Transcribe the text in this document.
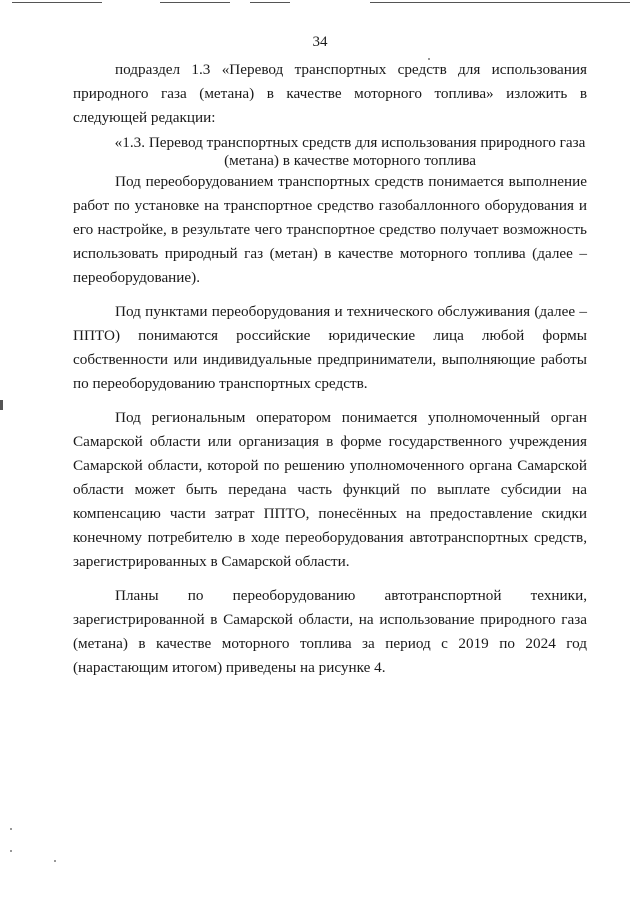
34

подраздел 1.3 «Перевод транспортных средств для использования природного газа (метана) в качестве моторного топлива» изложить в следующей редакции:

«1.3. Перевод транспортных средств для использования природного газа
(метана) в качестве моторного топлива

Под переоборудованием транспортных средств понимается выполнение работ по установке на транспортное средство газобаллонного оборудования и его настройке, в результате чего транспортное средство получает возможность использовать природный газ (метан) в качестве моторного топлива (далее – переоборудование).

Под пунктами переоборудования и технического обслуживания (далее – ППТО) понимаются российские юридические лица любой формы собственности или индивидуальные предприниматели, выполняющие работы по переоборудованию транспортных средств.

Под региональным оператором понимается уполномоченный орган Самарской области или организация в форме государственного учреждения Самарской области, которой по решению уполномоченного органа Самарской области может быть передана часть функций по выплате субсидии на компенсацию части затрат ППТО, понесённых на предоставление скидки конечному потребителю в ходе переоборудования автотранспортных средств, зарегистрированных в Самарской области.

Планы по переоборудованию автотранспортной техники, зарегистрированной в Самарской области, на использование природного газа (метана) в качестве моторного топлива за период с 2019 по 2024 год (нарастающим итогом) приведены на рисунке 4.
